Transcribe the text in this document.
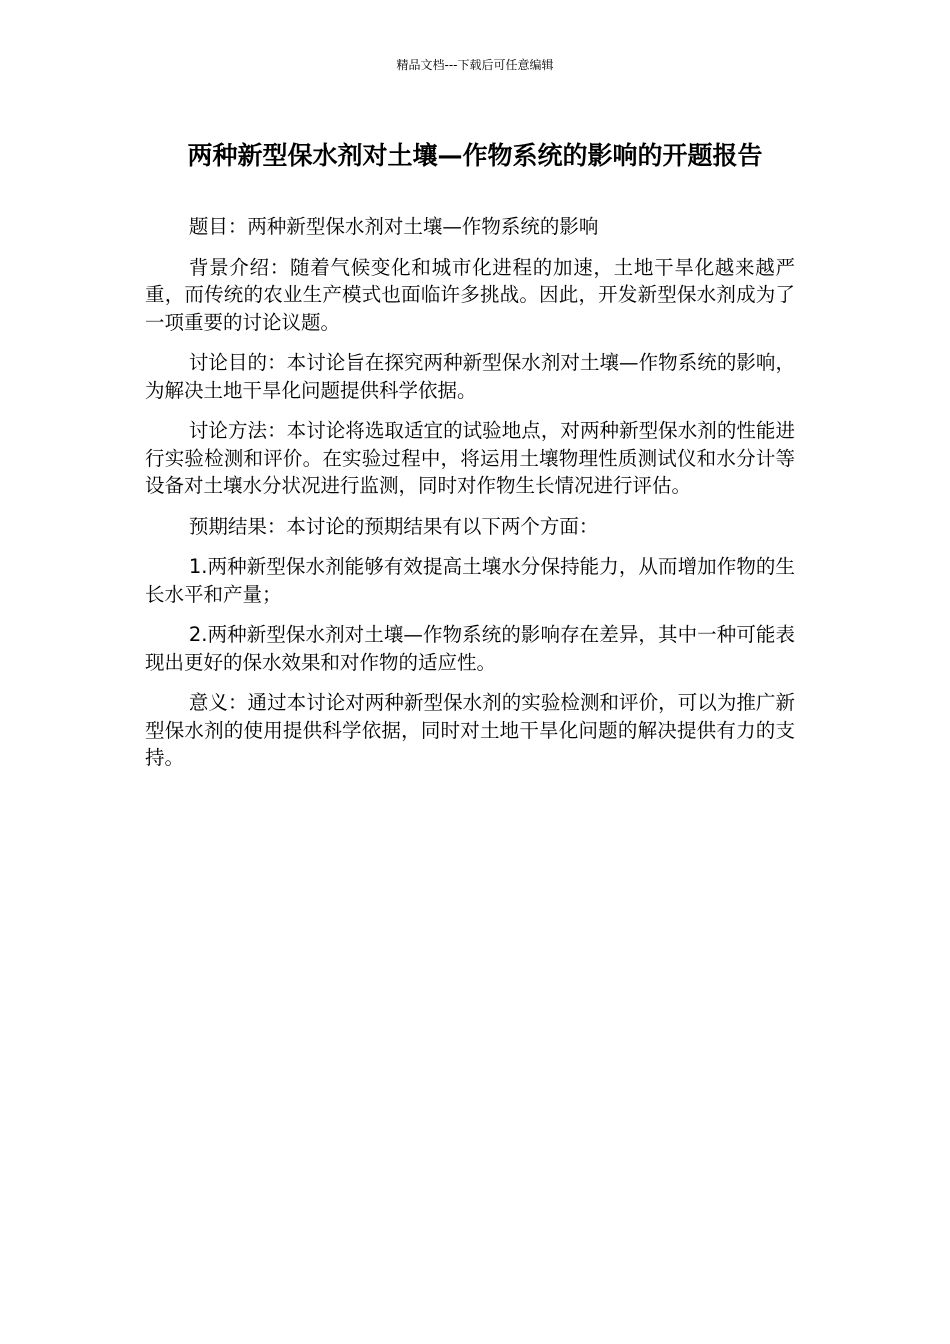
精品文档---下载后可任意编辑
两种新型保水剂对土壤—作物系统的影响的开题报告

题目：两种新型保水剂对土壤—作物系统的影响

背景介绍：随着气候变化和城市化进程的加速，土地干旱化越来越严重，而传统的农业生产模式也面临许多挑战。因此，开发新型保水剂成为了一项重要的讨论议题。

讨论目的：本讨论旨在探究两种新型保水剂对土壤—作物系统的影响，为解决土地干旱化问题提供科学依据。

讨论方法：本讨论将选取适宜的试验地点，对两种新型保水剂的性能进行实验检测和评价。在实验过程中，将运用土壤物理性质测试仪和水分计等设备对土壤水分状况进行监测，同时对作物生长情况进行评估。

预期结果：本讨论的预期结果有以下两个方面：

1.两种新型保水剂能够有效提高土壤水分保持能力，从而增加作物的生长水平和产量；

2.两种新型保水剂对土壤—作物系统的影响存在差异，其中一种可能表现出更好的保水效果和对作物的适应性。

意义：通过本讨论对两种新型保水剂的实验检测和评价，可以为推广新型保水剂的使用提供科学依据，同时对土地干旱化问题的解决提供有力的支持。
